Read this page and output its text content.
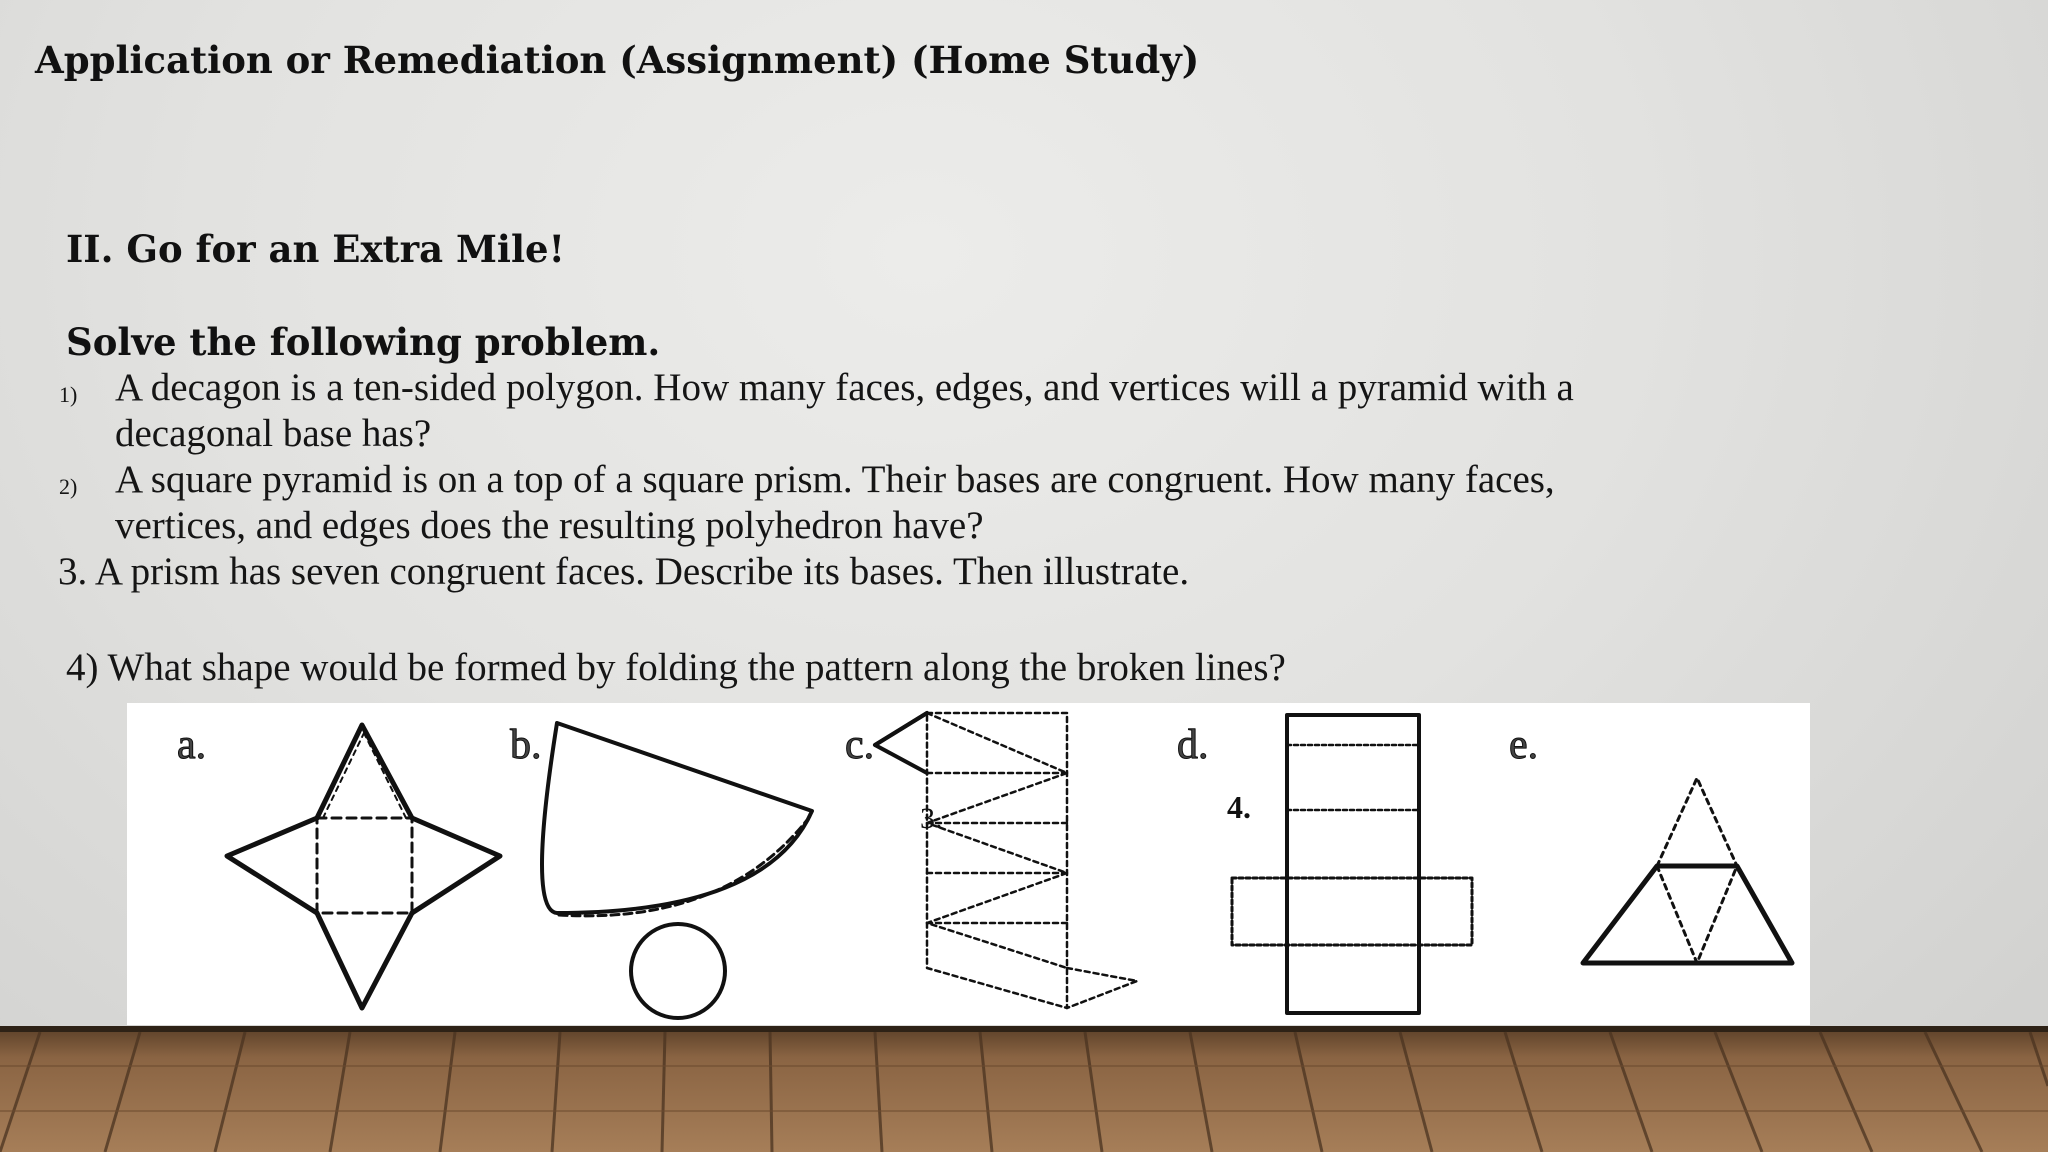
Application or Remediation (Assignment) (Home Study)
II. Go for an Extra Mile!
Solve the following problem.
1) A decagon is a ten-sided polygon. How many faces, edges, and vertices will a pyramid with a
decagonal base has?
2) A square pyramid is on a top of a square prism. Their bases are congruent. How many faces,
vertices, and edges does the resulting polyhedron have?
3. A prism has seven congruent faces. Describe its bases. Then illustrate.
4) What shape would be formed by folding the pattern along the broken lines?
a.	b.	c.
3.
d.
4.
e.
